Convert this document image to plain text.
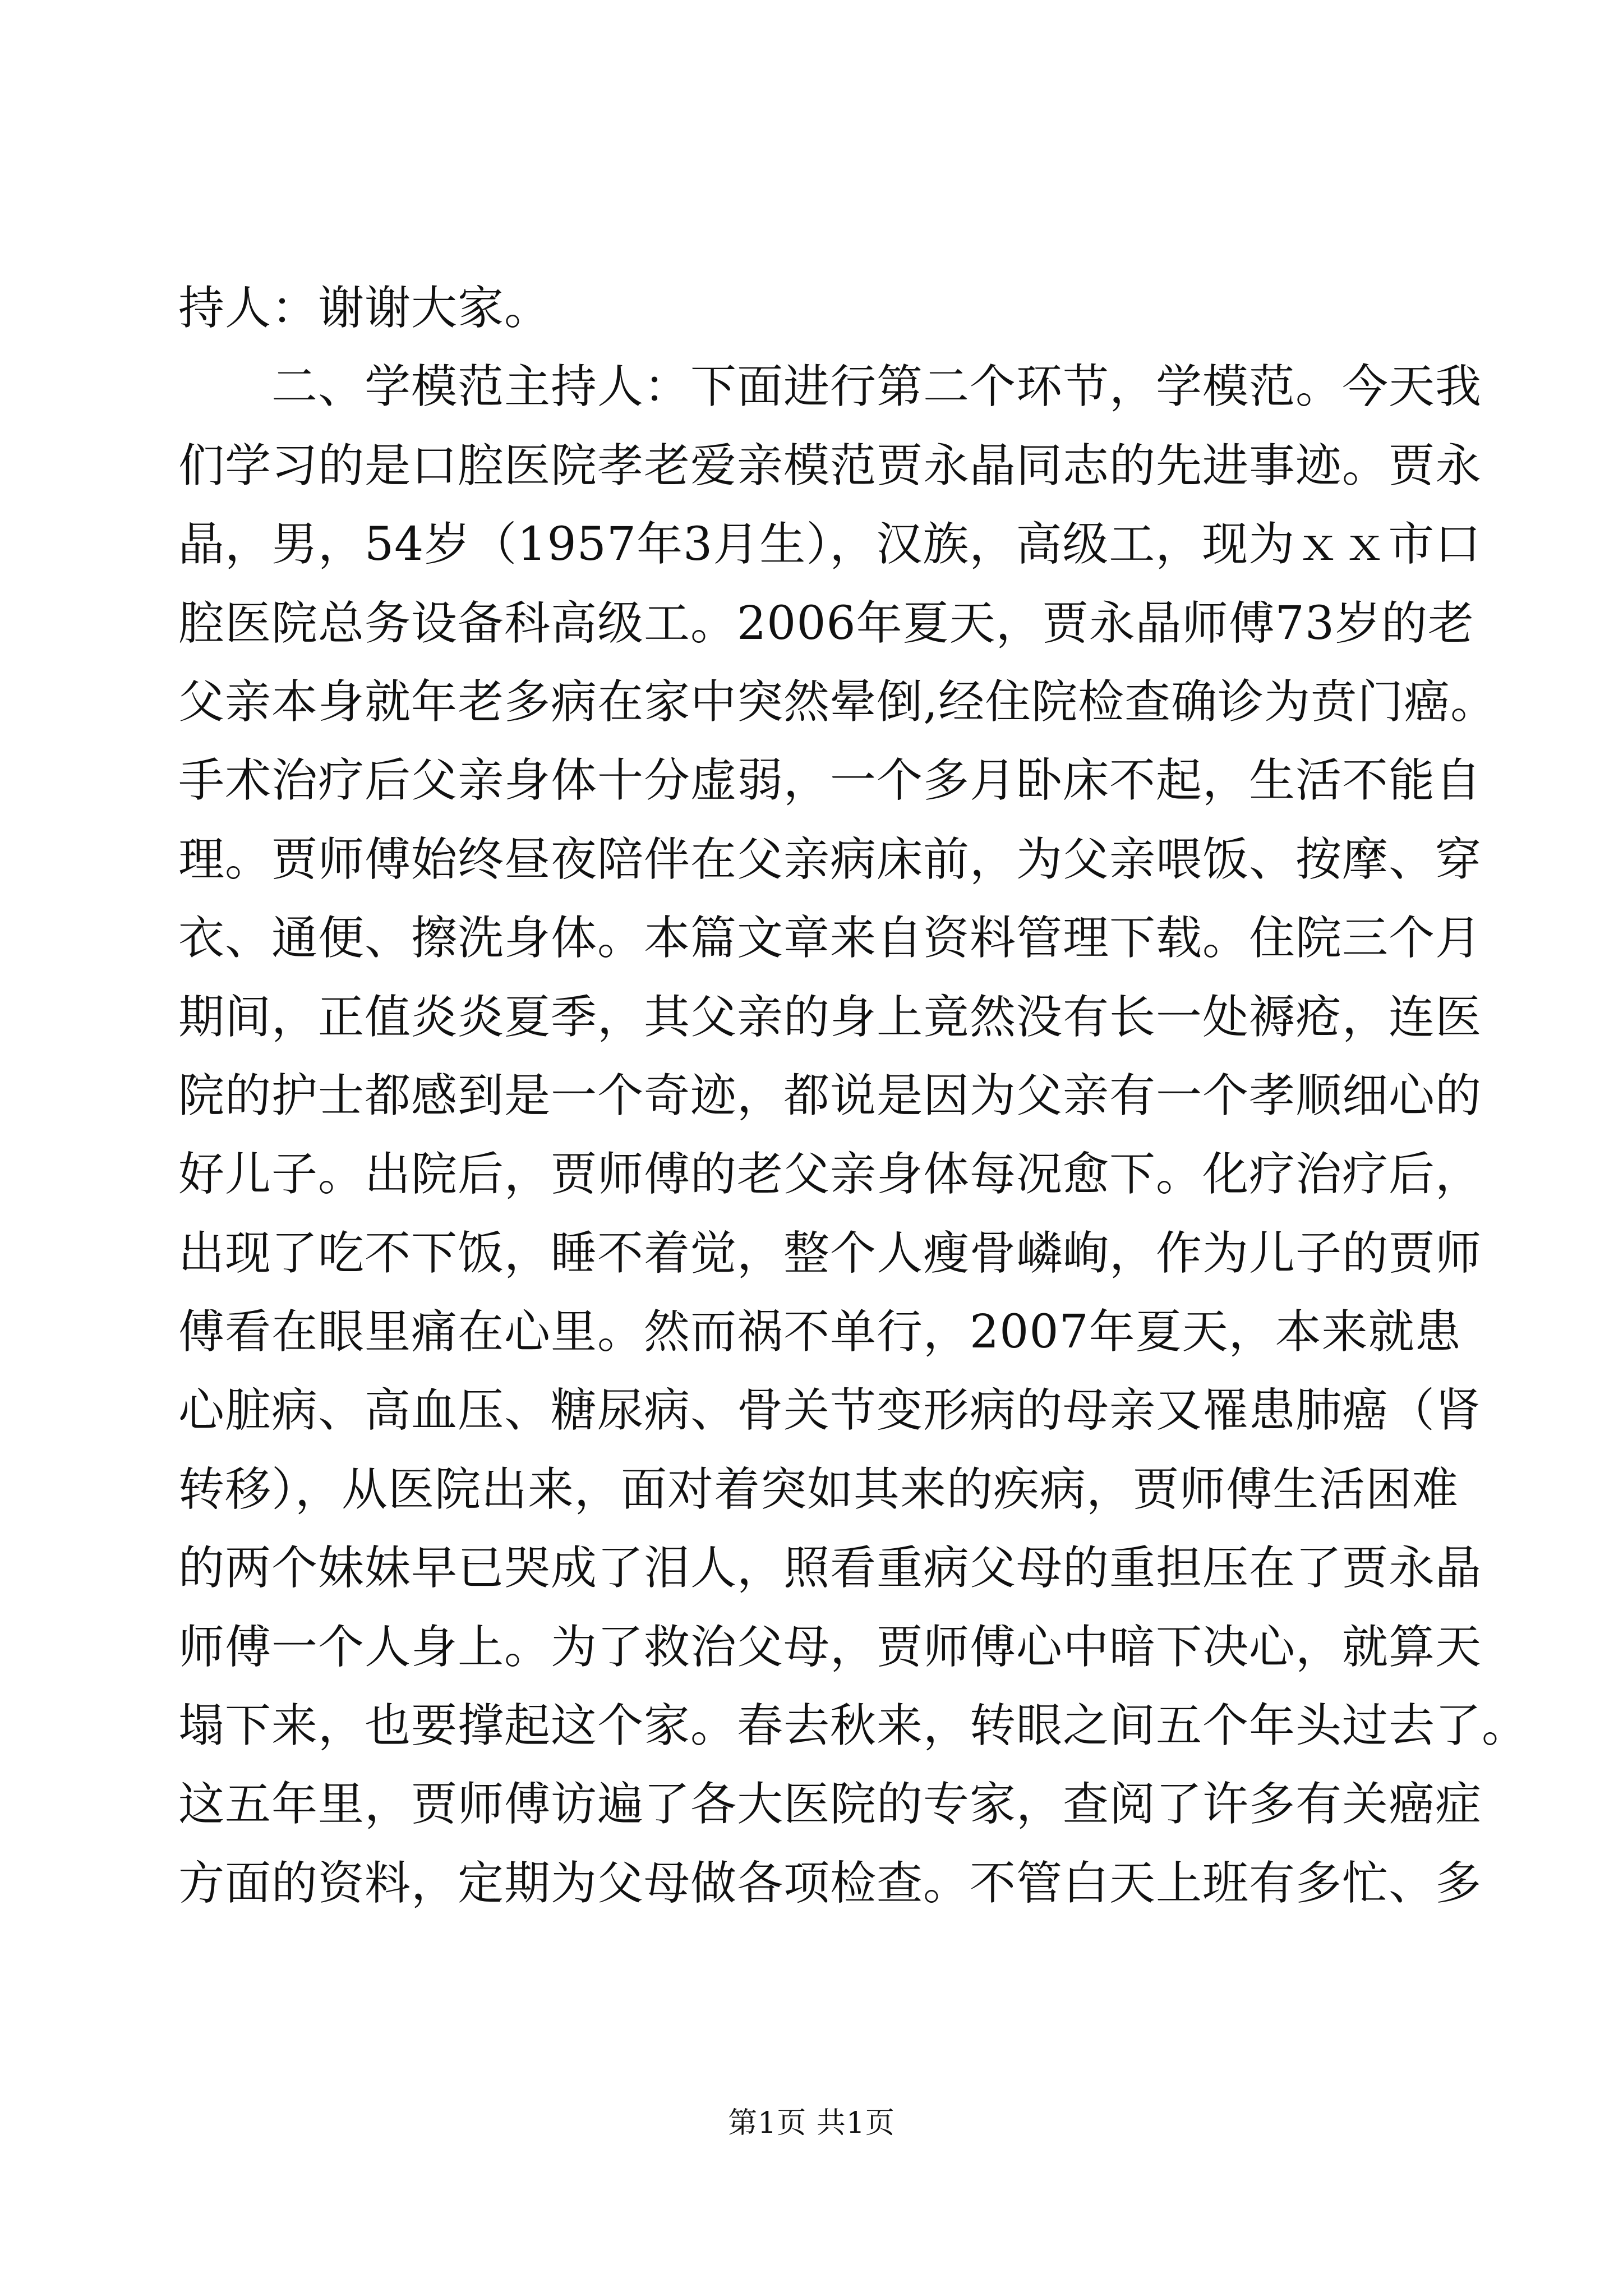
持人：谢谢大家。
　　二、学模范主持人：下面进行第二个环节，学模范。今天我
们学习的是口腔医院孝老爱亲模范贾永晶同志的先进事迹。贾永
晶，男，54岁（1957年3月生），汉族，高级工，现为ｘｘ市口
腔医院总务设备科高级工。2006年夏天，贾永晶师傅73岁的老
父亲本身就年老多病在家中突然晕倒,经住院检查确诊为贲门癌。
手术治疗后父亲身体十分虚弱，一个多月卧床不起，生活不能自
理。贾师傅始终昼夜陪伴在父亲病床前，为父亲喂饭、按摩、穿
衣、通便、擦洗身体。本篇文章来自资料管理下载。住院三个月
期间，正值炎炎夏季，其父亲的身上竟然没有长一处褥疮，连医
院的护士都感到是一个奇迹，都说是因为父亲有一个孝顺细心的
好儿子。出院后，贾师傅的老父亲身体每况愈下。化疗治疗后，
出现了吃不下饭，睡不着觉，整个人瘦骨嶙峋，作为儿子的贾师
傅看在眼里痛在心里。然而祸不单行，2007年夏天，本来就患
心脏病、高血压、糖尿病、骨关节变形病的母亲又罹患肺癌（肾
转移），从医院出来，面对着突如其来的疾病，贾师傅生活困难
的两个妹妹早已哭成了泪人，照看重病父母的重担压在了贾永晶
师傅一个人身上。为了救治父母，贾师傅心中暗下决心，就算天
塌下来，也要撑起这个家。春去秋来，转眼之间五个年头过去了。
这五年里，贾师傅访遍了各大医院的专家，查阅了许多有关癌症
方面的资料，定期为父母做各项检查。不管白天上班有多忙、多
第1页 共1页
